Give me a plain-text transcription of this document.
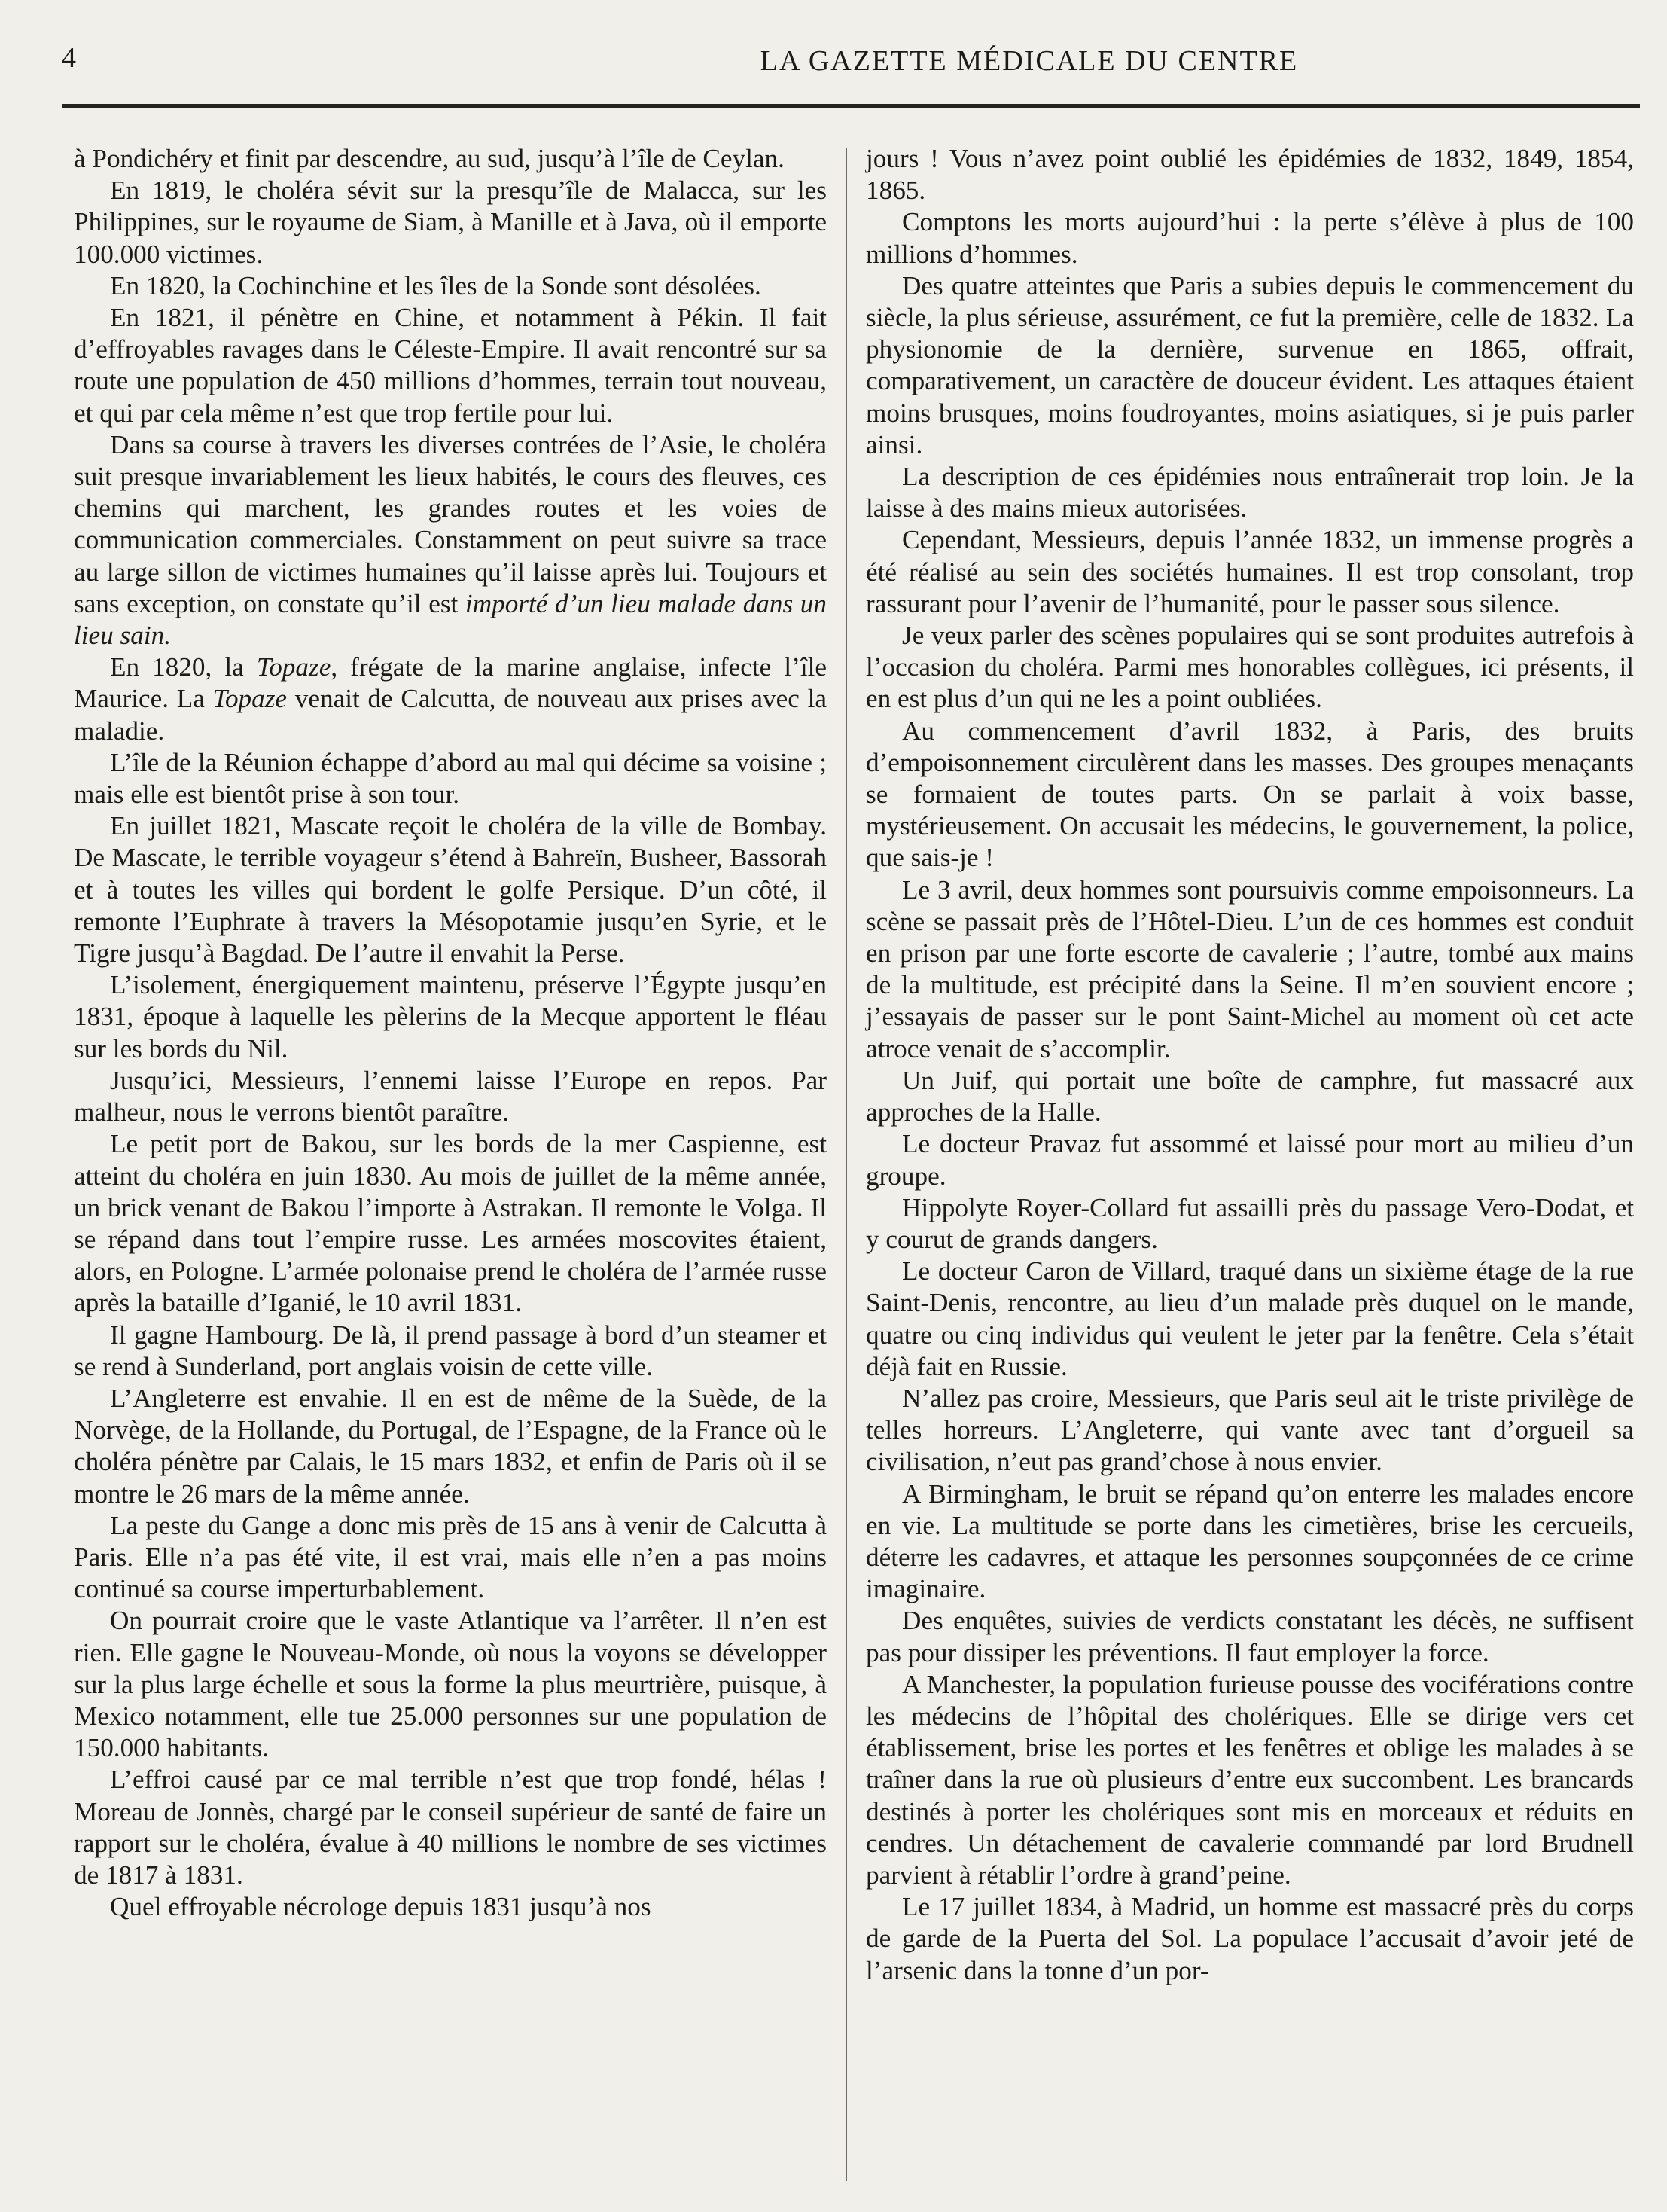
4	LA GAZETTE MÉDICALE DU CENTRE

à Pondichéry et finit par descendre, au sud, jusqu’à l’île de Ceylan.

En 1819, le choléra sévit sur la presqu’île de Malacca, sur les Philippines, sur le royaume de Siam, à Manille et à Java, où il emporte 100.000 victimes.

En 1820, la Cochinchine et les îles de la Sonde sont désolées.

En 1821, il pénètre en Chine, et notamment à Pékin. Il fait d’effroyables ravages dans le Céleste-Empire. Il avait rencontré sur sa route une population de 450 millions d’hommes, terrain tout nouveau, et qui par cela même n’est que trop fertile pour lui.

Dans sa course à travers les diverses contrées de l’Asie, le choléra suit presque invariablement les lieux habités, le cours des fleuves, ces chemins qui marchent, les grandes routes et les voies de communication commerciales. Constamment on peut suivre sa trace au large sillon de victimes humaines qu’il laisse après lui. Toujours et sans exception, on constate qu’il est importé d’un lieu malade dans un lieu sain.

En 1820, la Topaze, frégate de la marine anglaise, infecte l’île Maurice. La Topaze venait de Calcutta, de nouveau aux prises avec la maladie.

L’île de la Réunion échappe d’abord au mal qui décime sa voisine ; mais elle est bientôt prise à son tour.

En juillet 1821, Mascate reçoit le choléra de la ville de Bombay. De Mascate, le terrible voyageur s’étend à Bahreïn, Busheer, Bassorah et à toutes les villes qui bordent le golfe Persique. D’un côté, il remonte l’Euphrate à travers la Mésopotamie jusqu’en Syrie, et le Tigre jusqu’à Bagdad. De l’autre il envahit la Perse.

L’isolement, énergiquement maintenu, préserve l’Égypte jusqu’en 1831, époque à laquelle les pèlerins de la Mecque apportent le fléau sur les bords du Nil.

Jusqu’ici, Messieurs, l’ennemi laisse l’Europe en repos. Par malheur, nous le verrons bientôt paraître.

Le petit port de Bakou, sur les bords de la mer Caspienne, est atteint du choléra en juin 1830. Au mois de juillet de la même année, un brick venant de Bakou l’importe à Astrakan. Il remonte le Volga. Il se répand dans tout l’empire russe. Les armées moscovites étaient, alors, en Pologne. L’armée polonaise prend le choléra de l’armée russe après la bataille d’Iganié, le 10 avril 1831.

Il gagne Hambourg. De là, il prend passage à bord d’un steamer et se rend à Sunderland, port anglais voisin de cette ville.

L’Angleterre est envahie. Il en est de même de la Suède, de la Norvège, de la Hollande, du Portugal, de l’Espagne, de la France où le choléra pénètre par Calais, le 15 mars 1832, et enfin de Paris où il se montre le 26 mars de la même année.

La peste du Gange a donc mis près de 15 ans à venir de Calcutta à Paris. Elle n’a pas été vite, il est vrai, mais elle n’en a pas moins continué sa course imperturbablement.

On pourrait croire que le vaste Atlantique va l’arrêter. Il n’en est rien. Elle gagne le Nouveau-Monde, où nous la voyons se développer sur la plus large échelle et sous la forme la plus meurtrière, puisque, à Mexico notamment, elle tue 25.000 personnes sur une population de 150.000 habitants.

L’effroi causé par ce mal terrible n’est que trop fondé, hélas ! Moreau de Jonnès, chargé par le conseil supérieur de santé de faire un rapport sur le choléra, évalue à 40 millions le nombre de ses victimes de 1817 à 1831.

Quel effroyable nécrologe depuis 1831 jusqu’à nos

jours ! Vous n’avez point oublié les épidémies de 1832, 1849, 1854, 1865.

Comptons les morts aujourd’hui : la perte s’élève à plus de 100 millions d’hommes.

Des quatre atteintes que Paris a subies depuis le commencement du siècle, la plus sérieuse, assurément, ce fut la première, celle de 1832. La physionomie de la dernière, survenue en 1865, offrait, comparativement, un caractère de douceur évident. Les attaques étaient moins brusques, moins foudroyantes, moins asiatiques, si je puis parler ainsi.

La description de ces épidémies nous entraînerait trop loin. Je la laisse à des mains mieux autorisées.

Cependant, Messieurs, depuis l’année 1832, un immense progrès a été réalisé au sein des sociétés humaines. Il est trop consolant, trop rassurant pour l’avenir de l’humanité, pour le passer sous silence.

Je veux parler des scènes populaires qui se sont produites autrefois à l’occasion du choléra. Parmi mes honorables collègues, ici présents, il en est plus d’un qui ne les a point oubliées.

Au commencement d’avril 1832, à Paris, des bruits d’empoisonnement circulèrent dans les masses. Des groupes menaçants se formaient de toutes parts. On se parlait à voix basse, mystérieusement. On accusait les médecins, le gouvernement, la police, que sais-je !

Le 3 avril, deux hommes sont poursuivis comme empoisonneurs. La scène se passait près de l’Hôtel-Dieu. L’un de ces hommes est conduit en prison par une forte escorte de cavalerie ; l’autre, tombé aux mains de la multitude, est précipité dans la Seine. Il m’en souvient encore ; j’essayais de passer sur le pont Saint-Michel au moment où cet acte atroce venait de s’accomplir.

Un Juif, qui portait une boîte de camphre, fut massacré aux approches de la Halle.

Le docteur Pravaz fut assommé et laissé pour mort au milieu d’un groupe.

Hippolyte Royer-Collard fut assailli près du passage Vero-Dodat, et y courut de grands dangers.

Le docteur Caron de Villard, traqué dans un sixième étage de la rue Saint-Denis, rencontre, au lieu d’un malade près duquel on le mande, quatre ou cinq individus qui veulent le jeter par la fenêtre. Cela s’était déjà fait en Russie.

N’allez pas croire, Messieurs, que Paris seul ait le triste privilège de telles horreurs. L’Angleterre, qui vante avec tant d’orgueil sa civilisation, n’eut pas grand’chose à nous envier.

A Birmingham, le bruit se répand qu’on enterre les malades encore en vie. La multitude se porte dans les cimetières, brise les cercueils, déterre les cadavres, et attaque les personnes soupçonnées de ce crime imaginaire.

Des enquêtes, suivies de verdicts constatant les décès, ne suffisent pas pour dissiper les préventions. Il faut employer la force.

A Manchester, la population furieuse pousse des vociférations contre les médecins de l’hôpital des cholériques. Elle se dirige vers cet établissement, brise les portes et les fenêtres et oblige les malades à se traîner dans la rue où plusieurs d’entre eux succombent. Les brancards destinés à porter les cholériques sont mis en morceaux et réduits en cendres. Un détachement de cavalerie commandé par lord Brudnell parvient à rétablir l’ordre à grand’peine.

Le 17 juillet 1834, à Madrid, un homme est massacré près du corps de garde de la Puerta del Sol. La populace l’accusait d’avoir jeté de l’arsenic dans la tonne d’un por-
